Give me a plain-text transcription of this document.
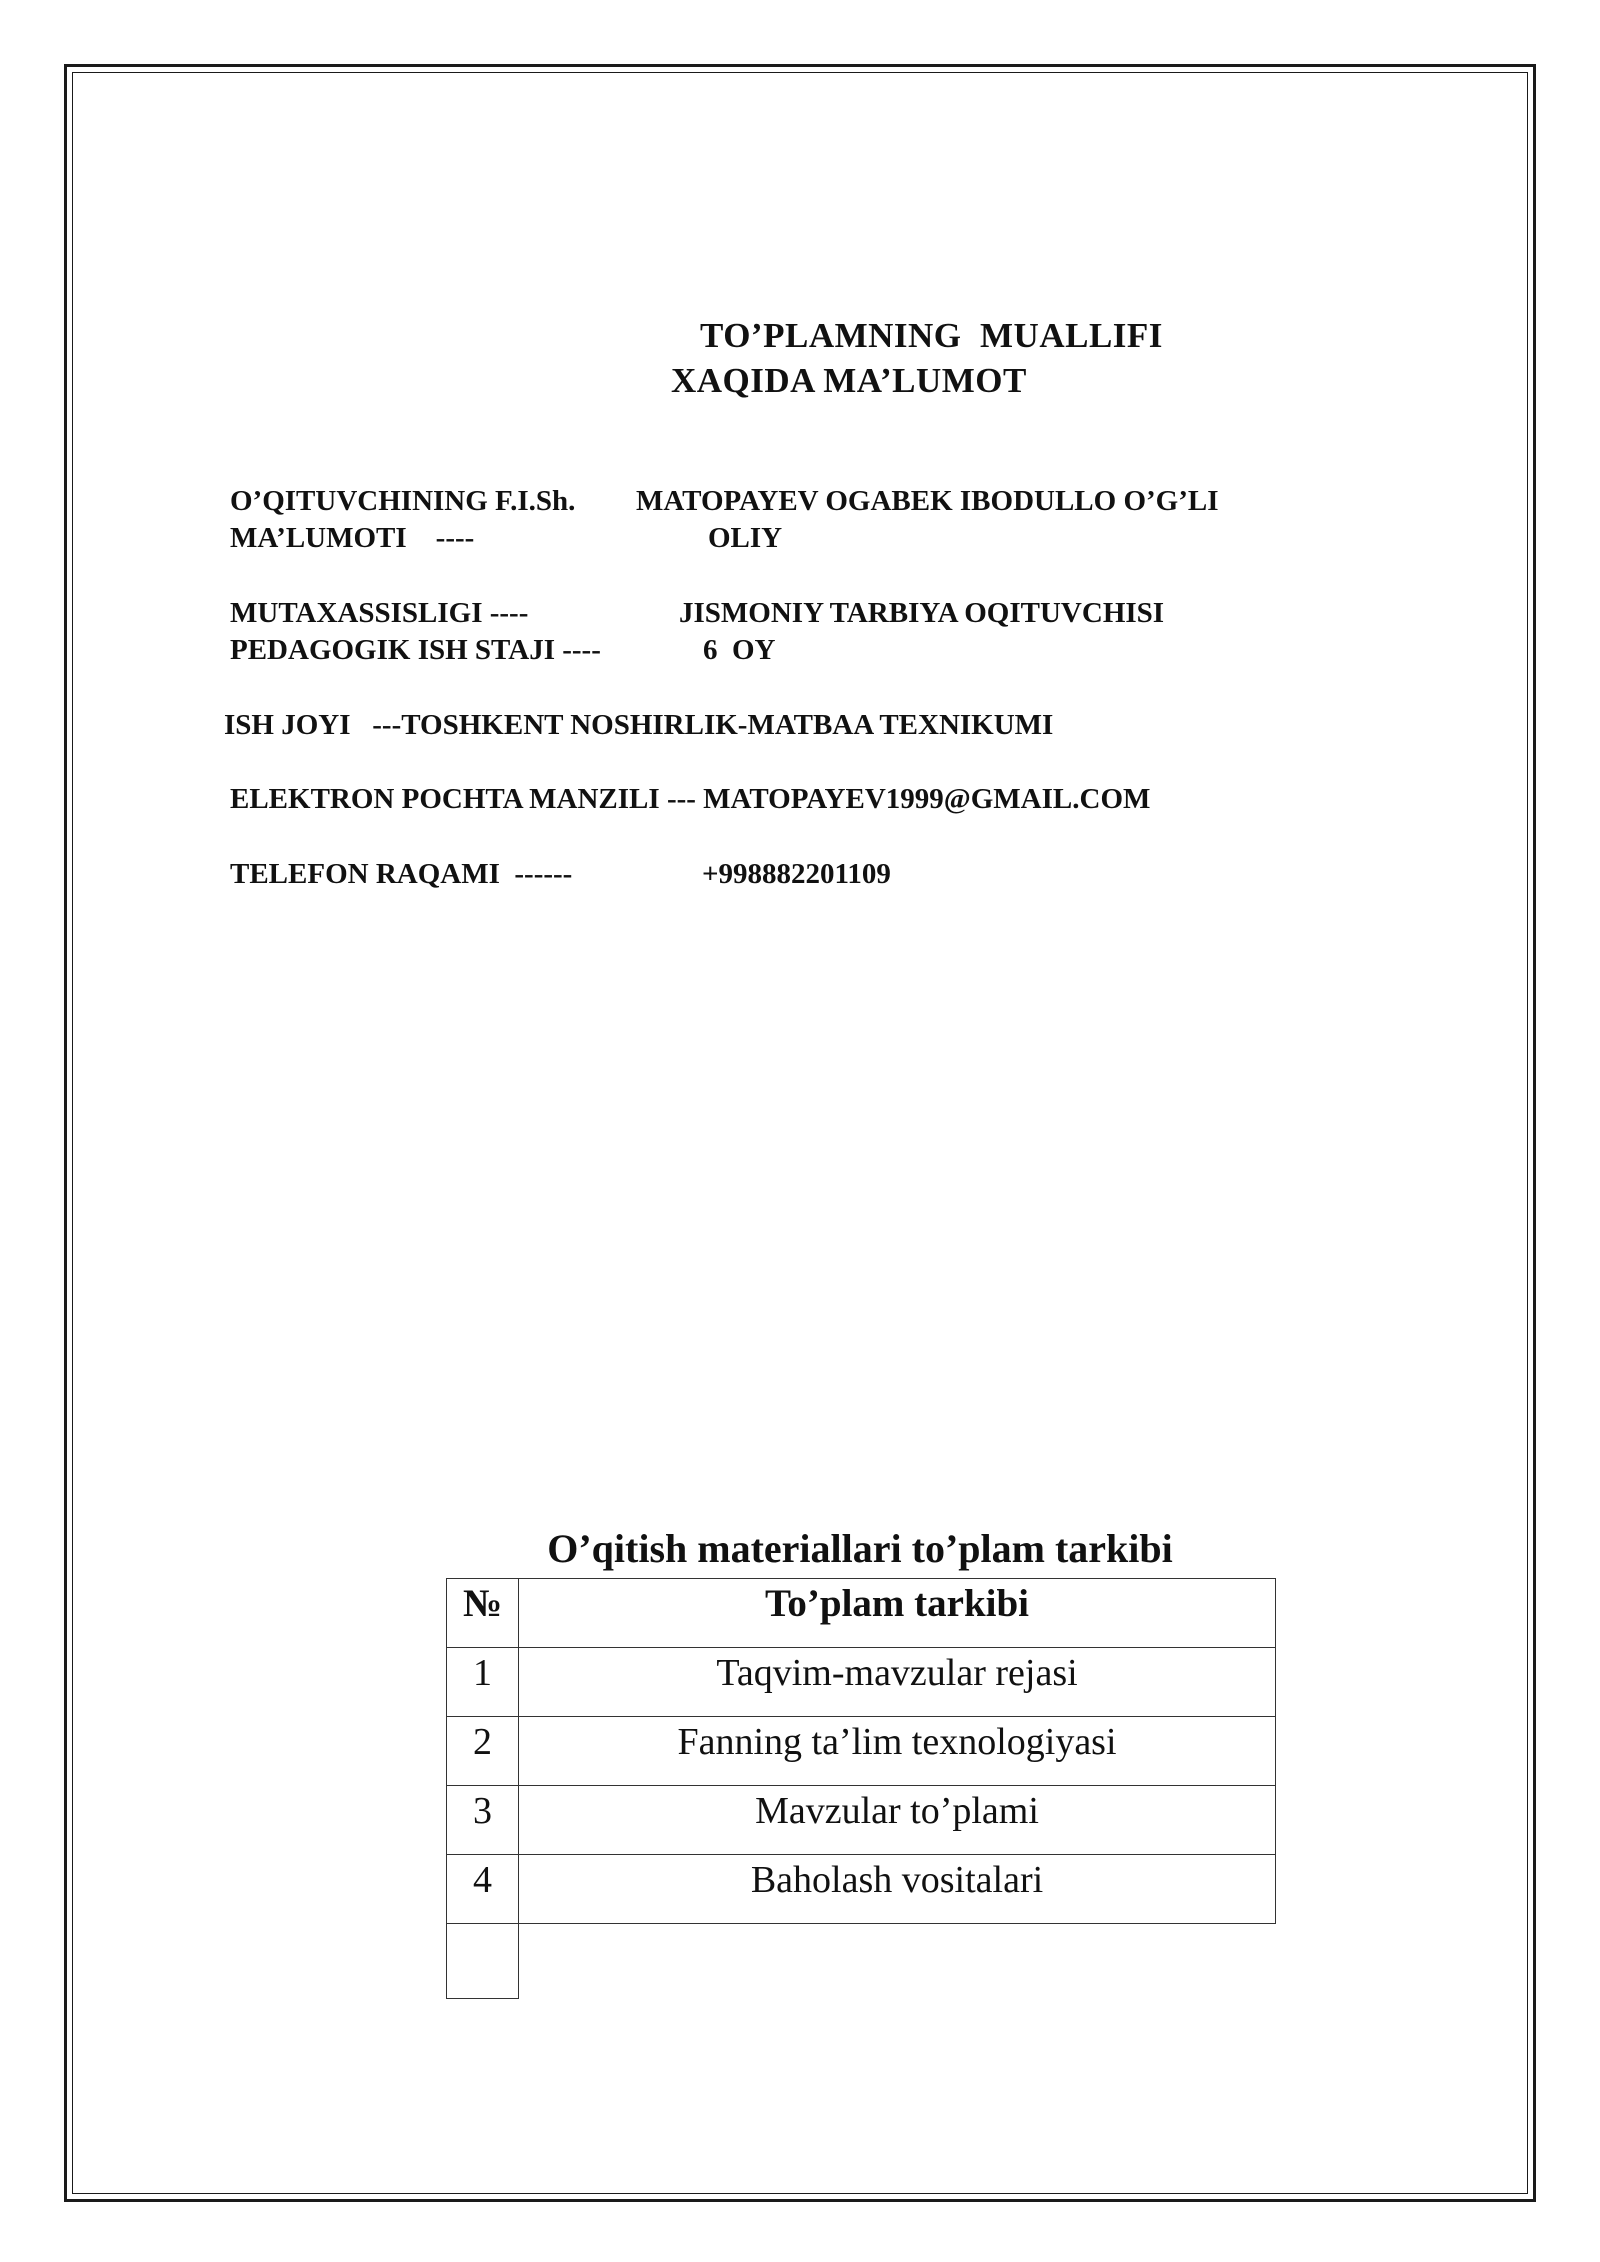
TO’PLAMNING  MUALLIFI
XAQIDA MA’LUMOT
O’QITUVCHINING F.I.Sh. MATOPAYEV OGABEK IBODULLO O’G’LI
MA’LUMOTI    ----	OLIY
MUTAXASSISLIGI ----	JISMONIY TARBIYA OQITUVCHISI
PEDAGOGIK ISH STAJI ----	6  OY
ISH JOYI   ---TOSHKENT NOSHIRLIK-MATBAA TEXNIKUMI
ELEKTRON POCHTA MANZILI --- MATOPAYEV1999@GMAIL.COM
TELEFON RAQAMI  ------	+998882201109
O’qitish materiallari to’plam tarkibi
№	To’plam tarkibi
1	Taqvim-mavzular rejasi
2	Fanning ta’lim texnologiyasi
3	Mavzular to’plami
4	Baholash vositalari
